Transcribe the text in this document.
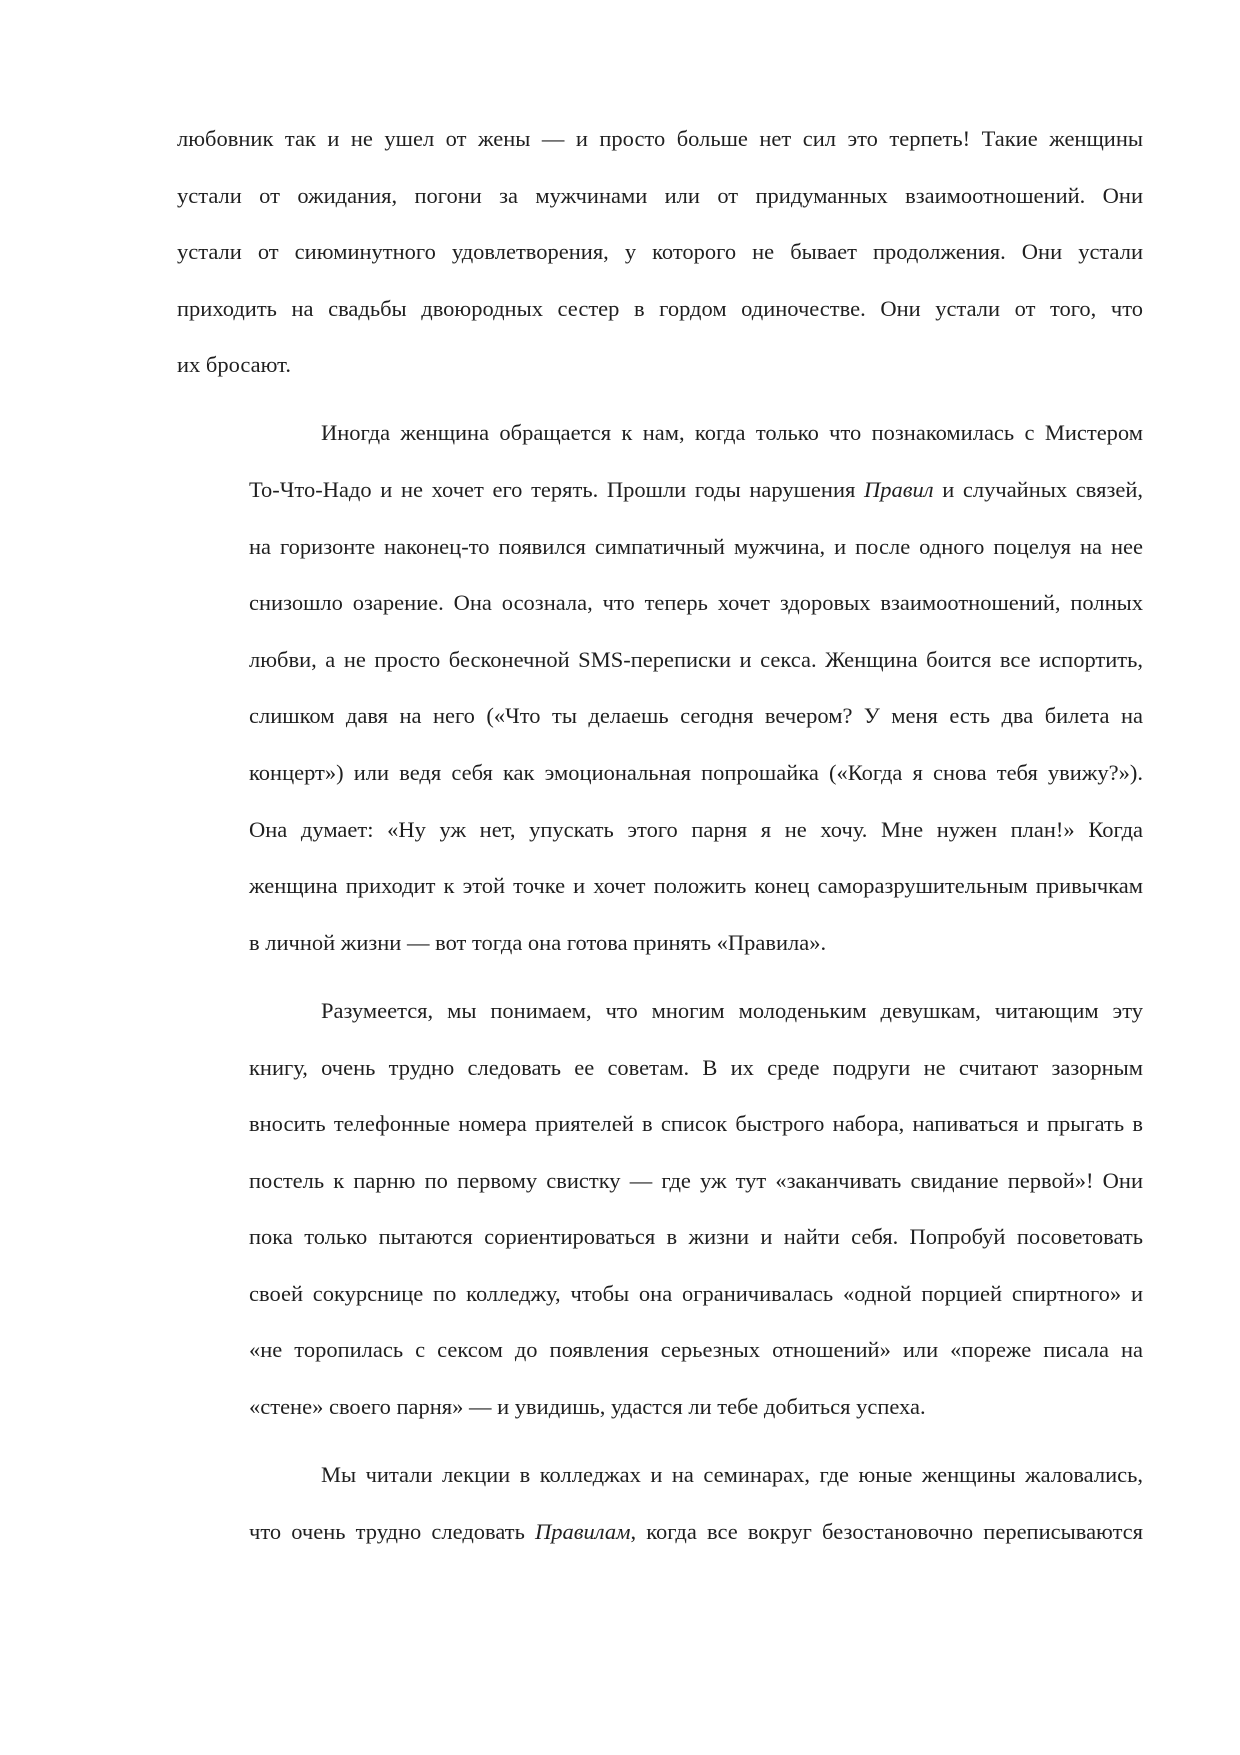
любовник так и не ушел от жены — и просто больше нет сил это терпеть! Такие женщины
устали от ожидания, погони за мужчинами или от придуманных взаимоотношений. Они
устали от сиюминутного удовлетворения, у которого не бывает продолжения. Они устали
приходить на свадьбы двоюродных сестер в гордом одиночестве. Они устали от того, что
их бросают.
Иногда женщина обращается к нам, когда только что познакомилась с Мистером
То-Что-Надо и не хочет его терять. Прошли годы нарушения Правил и случайных связей,
на горизонте наконец-то появился симпатичный мужчина, и после одного поцелуя на нее
снизошло озарение. Она осознала, что теперь хочет здоровых взаимоотношений, полных
любви, а не просто бесконечной SMS-переписки и секса. Женщина боится все испортить,
слишком давя на него («Что ты делаешь сегодня вечером? У меня есть два билета на
концерт») или ведя себя как эмоциональная попрошайка («Когда я снова тебя увижу?»).
Она думает: «Ну уж нет, упускать этого парня я не хочу. Мне нужен план!» Когда
женщина приходит к этой точке и хочет положить конец саморазрушительным привычкам
в личной жизни — вот тогда она готова принять «Правила».
Разумеется, мы понимаем, что многим молоденьким девушкам, читающим эту
книгу, очень трудно следовать ее советам. В их среде подруги не считают зазорным
вносить телефонные номера приятелей в список быстрого набора, напиваться и прыгать в
постель к парню по первому свистку — где уж тут «заканчивать свидание первой»! Они
пока только пытаются сориентироваться в жизни и найти себя. Попробуй посоветовать
своей сокурснице по колледжу, чтобы она ограничивалась «одной порцией спиртного» и
«не торопилась с сексом до появления серьезных отношений» или «пореже писала на
«стене» своего парня» — и увидишь, удастся ли тебе добиться успеха.
Мы читали лекции в колледжах и на семинарах, где юные женщины жаловались,
что очень трудно следовать Правилам, когда все вокруг безостановочно переписываются
